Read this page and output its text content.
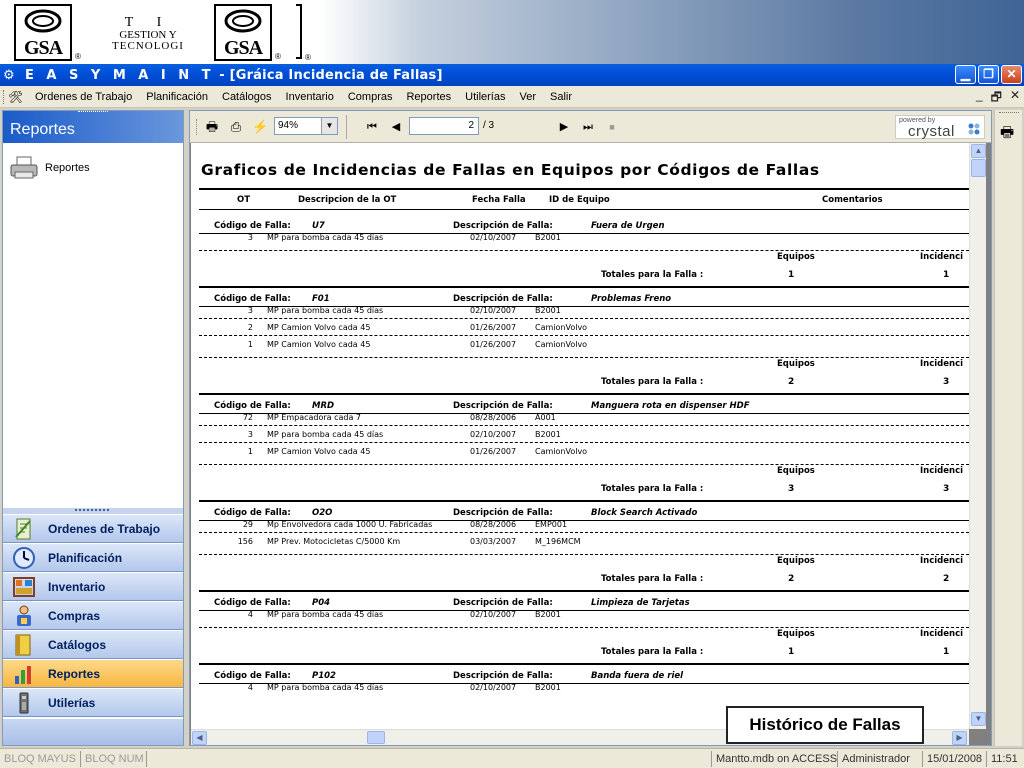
GSA ®
T I
GESTION Y
TECNOLOGI	GSA ®	®
⚙ E A S Y M A I N T - [Gráica Incidencia de Fallas]	▁	❐	✕
🛠	Ordenes de Trabajo	Planificación	Catálogos	Inventario	Compras	Reportes	Utilerías	Ver	Salir	_ 🗗 ✕
Reportes
Reportes
Ordenes de Trabajo
Planificación
Inventario
Compras
Catálogos
Reportes
Utilerías
🖶 ⎙ ⚡ 94%	▼	⏮	◀	2 / 3	▶	⏭	■
powered by
crystal
Graficos de Incidencias de Fallas en Equipos por Códigos de Fallas
OT	Descripcion de la OT	Fecha Falla	ID de Equipo	Comentarios
Código de Falla: U7	Descripción de Falla:	Fuera de Urgen
3 MP para bomba cada 45 días	02/10/2007 B2001
Equipos	Incidenci
Totales para la Falla :	1	1
Código de Falla: F01	Descripción de Falla:	Problemas Freno
3 MP para bomba cada 45 días	02/10/2007 B2001
2 MP Camion Volvo cada 45	01/26/2007 CamionVolvo
1 MP Camion Volvo cada 45	01/26/2007 CamionVolvo
Equipos	Incidenci
Totales para la Falla :	2	3
Código de Falla: MRD	Descripción de Falla:	Manguera rota en dispenser HDF
72 MP Empacadora cada 7	08/28/2006 A001
3 MP para bomba cada 45 días	02/10/2007 B2001
1 MP Camion Volvo cada 45	01/26/2007 CamionVolvo
Equipos	Incidenci
Totales para la Falla :	3	3
Código de Falla: O2O	Descripción de Falla:	Block Search Activado
29 Mp Envolvedora cada 1000 U. Fabricadas	08/28/2006 EMP001
156 MP Prev. Motocicletas C/5000 Km	03/03/2007 M_196MCM
Equipos	Incidenci
Totales para la Falla :	2	2
Código de Falla: P04	Descripción de Falla:	Limpieza de Tarjetas
4 MP para bomba cada 45 días	02/10/2007 B2001
Equipos	Incidenci
Totales para la Falla :	1	1
Código de Falla: P102	Descripción de Falla:	Banda fuera de riel
4 MP para bomba cada 45 días	02/10/2007 B2001
▲
▼
◀	▶
Histórico de Fallas
🖶
BLOQ MAYUS BLOQ NUM	Mantto.mdb on ACCESS Administrador	15/01/2008 11:51
